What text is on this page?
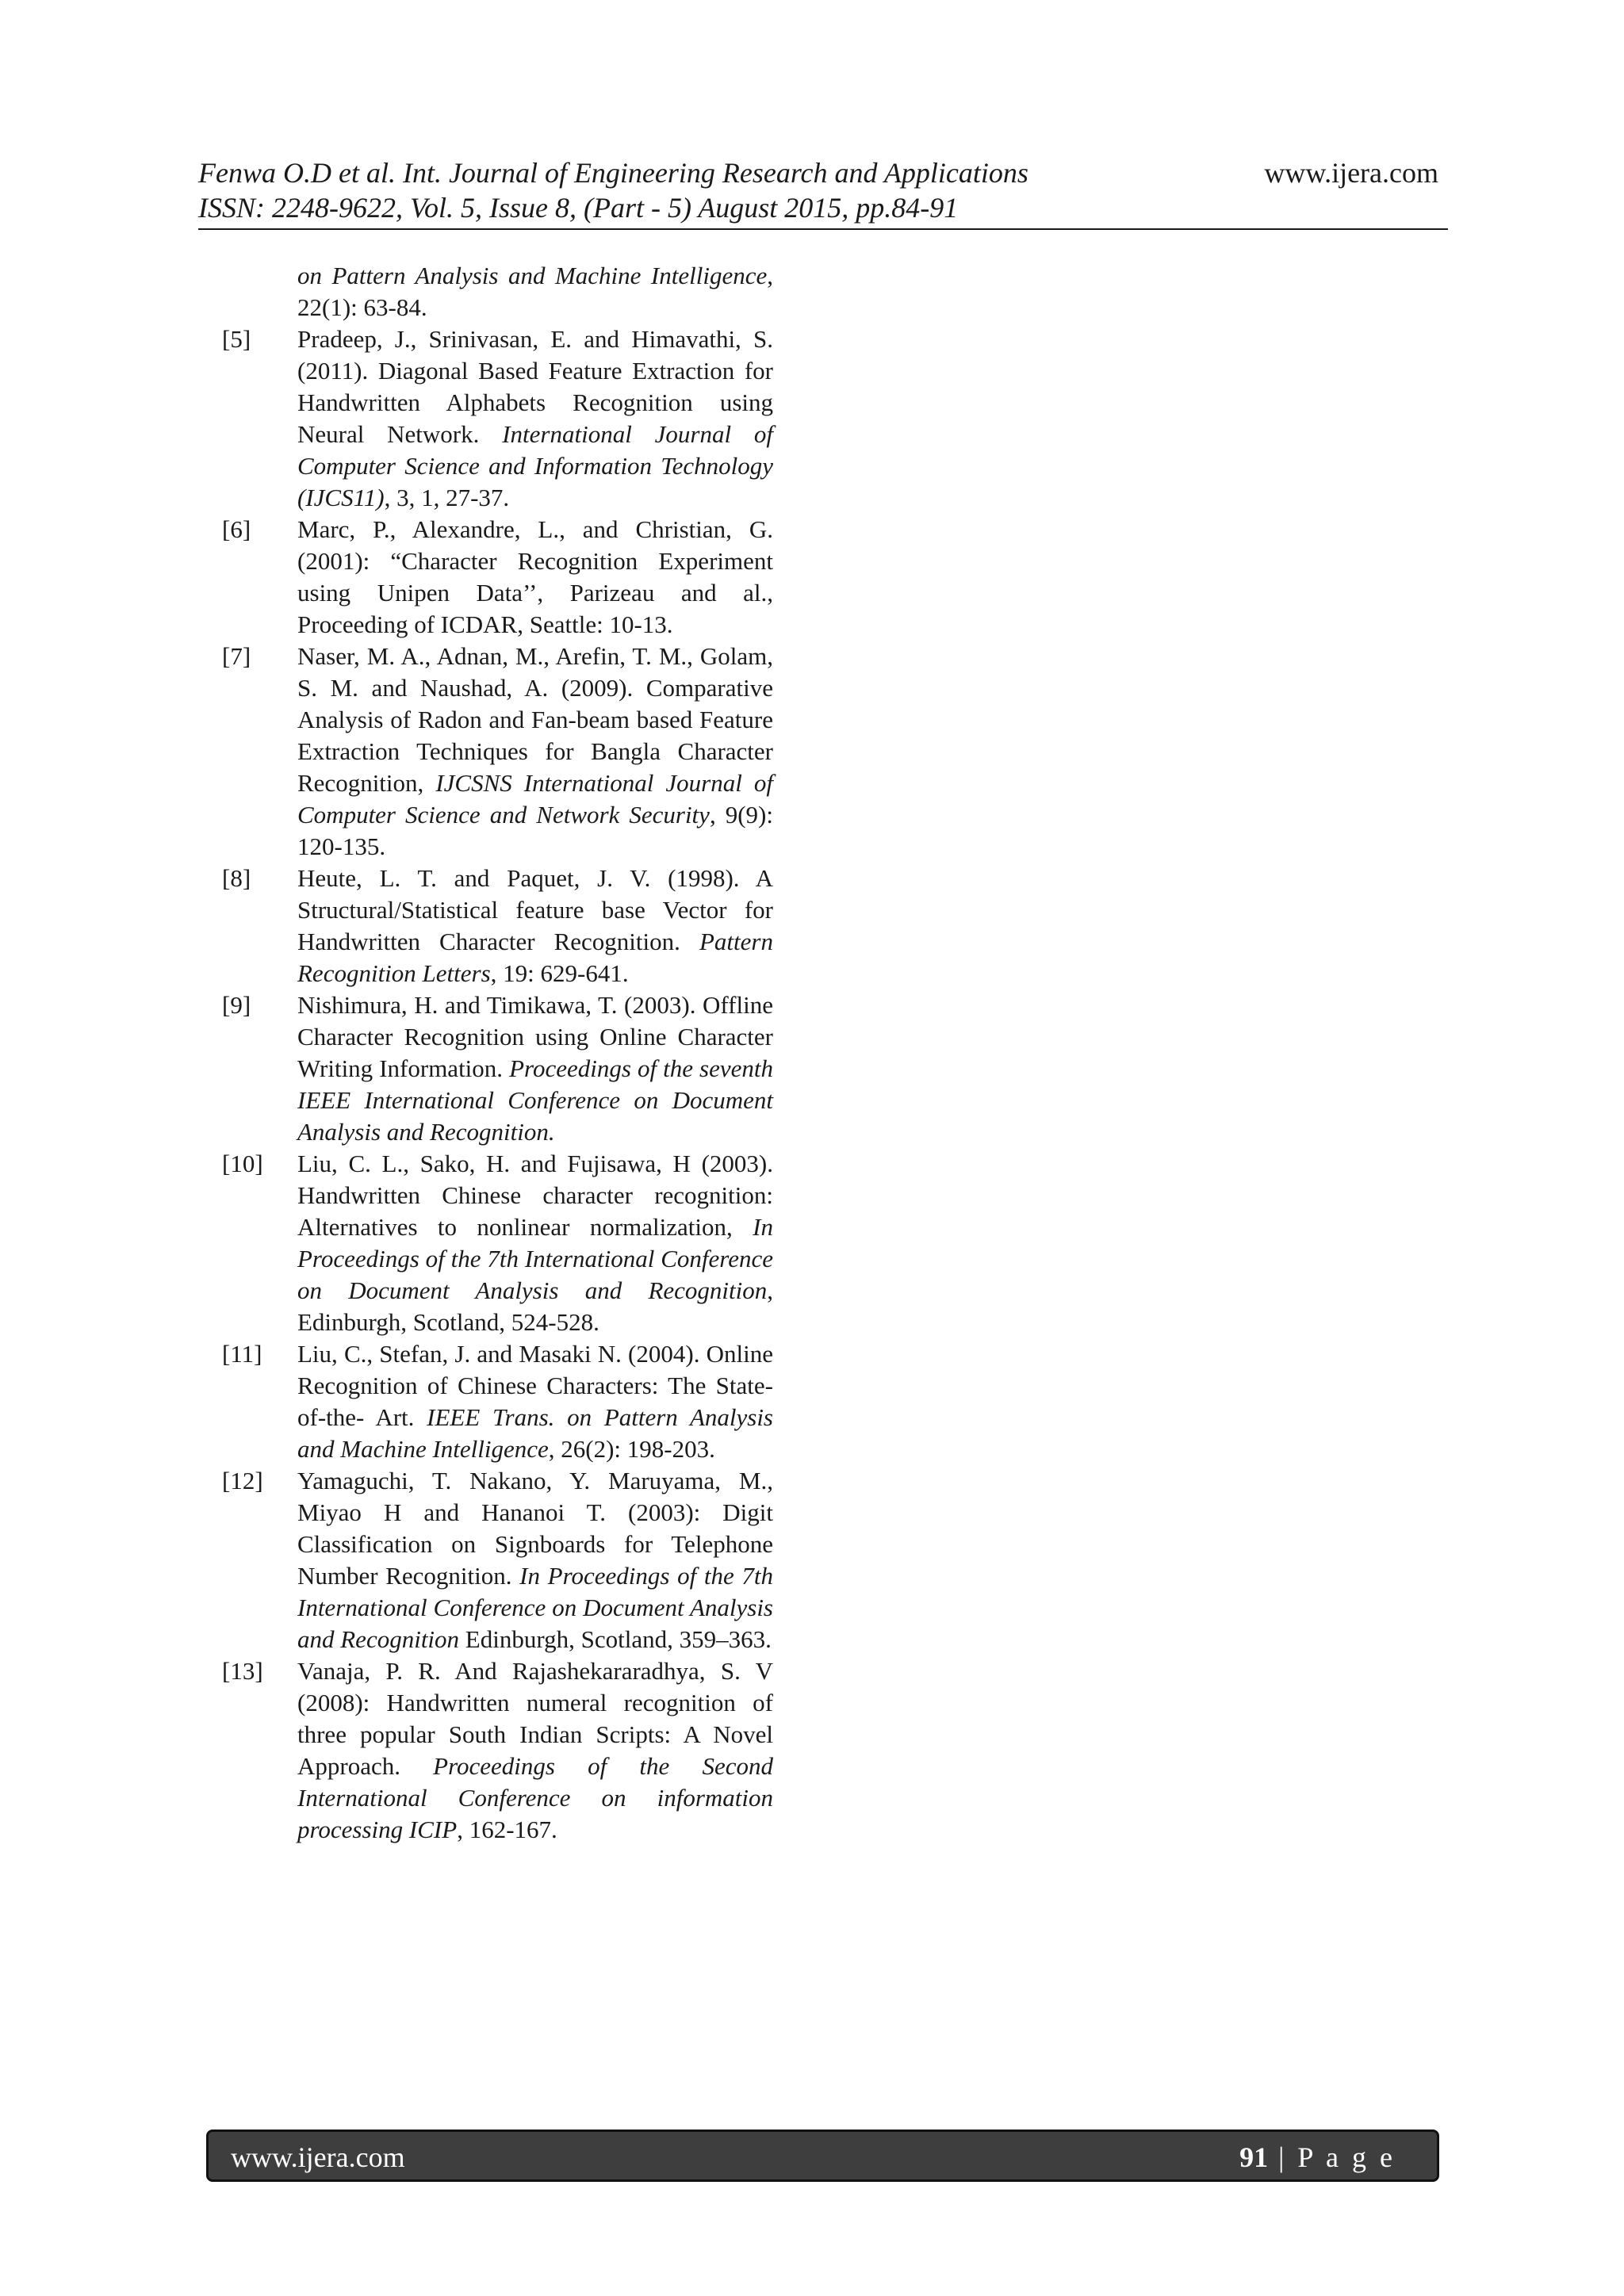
Fenwa O.D et al. Int. Journal of Engineering Research and Applications
ISSN: 2248-9622, Vol. 5, Issue 8, (Part - 5) August 2015, pp.84-91
www.ijera.com
on Pattern Analysis and Machine Intelligence, 22(1): 63-84.
[5]	Pradeep, J., Srinivasan, E. and Himavathi, S. (2011). Diagonal Based Feature Extraction for Handwritten Alphabets Recognition using Neural Network. International Journal of Computer Science and Information Technology (IJCS11), 3, 1, 27-37.
[6]	Marc, P., Alexandre, L., and Christian, G. (2001): “Character Recognition Experiment using Unipen Data’’, Parizeau and al., Proceeding of ICDAR, Seattle: 10-13.
[7]	Naser, M. A., Adnan, M., Arefin, T. M., Golam, S. M. and Naushad, A. (2009). Comparative Analysis of Radon and Fan-beam based Feature Extraction Techniques for Bangla Character Recognition, IJCSNS International Journal of Computer Science and Network Security, 9(9): 120-135.
[8]	Heute, L. T. and Paquet, J. V. (1998). A Structural/Statistical feature base Vector for Handwritten Character Recognition. Pattern Recognition Letters, 19: 629-641.
[9]	Nishimura, H. and Timikawa, T. (2003). Offline Character Recognition using Online Character Writing Information. Proceedings of the seventh IEEE International Conference on Document Analysis and Recognition.
[10]	Liu, C. L., Sako, H. and Fujisawa, H (2003). Handwritten Chinese character recognition: Alternatives to nonlinear normalization, In Proceedings of the 7th International Conference on Document Analysis and Recognition, Edinburgh, Scotland, 524-528.
[11]	Liu, C., Stefan, J. and Masaki N. (2004). Online Recognition of Chinese Characters: The State-of-the- Art. IEEE Trans. on Pattern Analysis and Machine Intelligence, 26(2): 198-203.
[12]	Yamaguchi, T. Nakano, Y. Maruyama, M., Miyao H and Hananoi T. (2003): Digit Classification on Signboards for Telephone Number Recognition. In Proceedings of the 7th International Conference on Document Analysis and Recognition Edinburgh, Scotland, 359–363.
[13]	Vanaja, P. R. And Rajashekararadhya, S. V (2008): Handwritten numeral recognition of three popular South Indian Scripts: A Novel Approach. Proceedings of the Second International Conference on information processing ICIP, 162-167.
www.ijera.com	91 | P a g e
